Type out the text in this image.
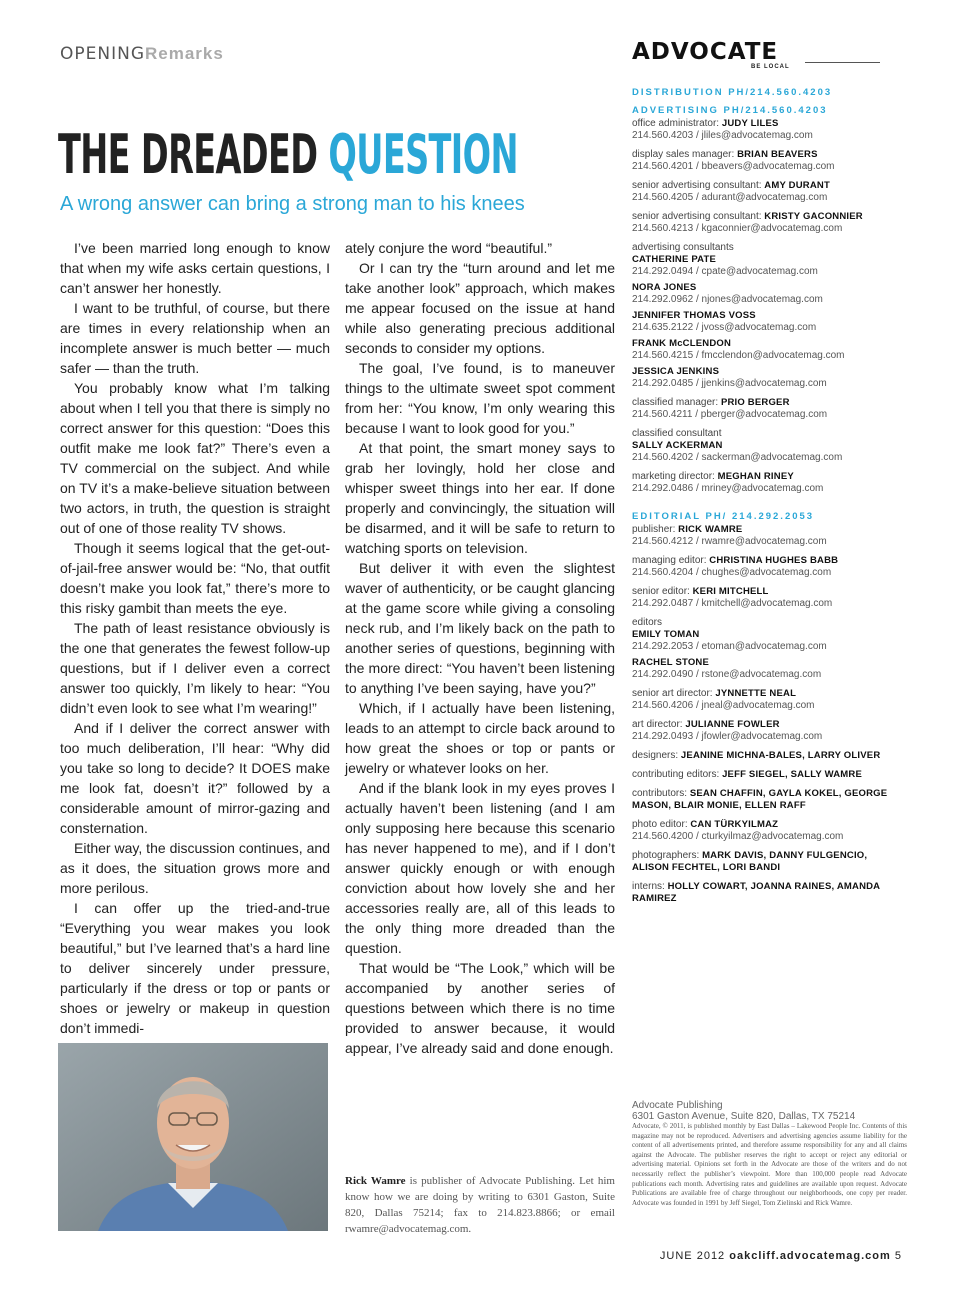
OPENINGRemarks
THE DREADED QUESTION
A wrong answer can bring a strong man to his knees

I’ve been married long enough to know that when my wife asks certain questions, I can’t answer her honestly.

I want to be truthful, of course, but there are times in every relationship when an incomplete answer is much better — much safer — than the truth.

You probably know what I’m talking about when I tell you that there is simply no correct answer for this question: “Does this outfit make me look fat?” There’s even a TV commercial on the subject. And while on TV it’s a make-believe situation between two actors, in truth, the question is straight out of one of those reality TV shows.

Though it seems logical that the get-out-of-jail-free answer would be: “No, that outfit doesn’t make you look fat,” there’s more to this risky gambit than meets the eye.

The path of least resistance obviously is the one that generates the fewest follow-up questions, but if I deliver even a correct answer too quickly, I’m likely to hear: “You didn’t even look to see what I’m wearing!”

And if I deliver the correct answer with too much deliberation, I’ll hear: “Why did you take so long to decide? It DOES make me look fat, doesn’t it?” followed by a considerable amount of mirror-gazing and consternation.

Either way, the discussion continues, and as it does, the situation grows more and more perilous.

I can offer up the tried-and-true “Everything you wear makes you look beautiful,” but I’ve learned that’s a hard line to deliver sincerely under pressure, particularly if the dress or top or pants or shoes or jewelry or makeup in question don’t immedi-

ately conjure the word “beautiful.”

Or I can try the “turn around and let me take another look” approach, which makes me appear focused on the issue at hand while also generating precious additional seconds to consider my options.

The goal, I’ve found, is to maneuver things to the ultimate sweet spot comment from her: “You know, I’m only wearing this because I want to look good for you.”

At that point, the smart money says to grab her lovingly, hold her close and whisper sweet things into her ear. If done properly and convincingly, the situation will be disarmed, and it will be safe to return to watching sports on television.

But deliver it with even the slightest waver of authenticity, or be caught glancing at the game score while giving a consoling neck rub, and I’m likely back on the path to another series of questions, beginning with the more direct: “You haven’t been listening to anything I’ve been saying, have you?”

Which, if I actually have been listening, leads to an attempt to circle back around to how great the shoes or top or pants or jewelry or whatever looks on her.

And if the blank look in my eyes proves I actually haven’t been listening (and I am only supposing here because this scenario has never happened to me), and if I don’t answer quickly enough or with enough conviction about how lovely she and her accessories really are, all of this leads to the only thing more dreaded than the question.

That would be “The Look,” which will be accompanied by another series of questions between which there is no time provided to answer because, it would appear, I’ve already said and done enough.

Rick Wamre is publisher of Advocate Publishing. Let him know how we are doing by writing to 6301 Gaston, Suite 820, Dallas 75214; fax to 214.823.8866; or email rwamre@advocatemag.com.
ADVOCATE
BE LOCAL
DISTRIBUTION PH/214.560.4203
ADVERTISING PH/214.560.4203
office administrator: JUDY LILES
214.560.4203 / jliles@advocatemag.com
display sales manager: BRIAN BEAVERS
214.560.4201 / bbeavers@advocatemag.com
senior advertising consultant: AMY DURANT
214.560.4205 / adurant@advocatemag.com
senior advertising consultant: KRISTY GACONNIER
214.560.4213 / kgaconnier@advocatemag.com
advertising consultants
CATHERINE PATE
214.292.0494 / cpate@advocatemag.com
NORA JONES
214.292.0962 / njones@advocatemag.com
JENNIFER THOMAS VOSS
214.635.2122 / jvoss@advocatemag.com
FRANK McCLENDON
214.560.4215 / fmcclendon@advocatemag.com
JESSICA JENKINS
214.292.0485 / jjenkins@advocatemag.com
classified manager: PRIO BERGER
214.560.4211 / pberger@advocatemag.com
classified consultant
SALLY ACKERMAN
214.560.4202 / sackerman@advocatemag.com
marketing director: MEGHAN RINEY
214.292.0486 / mriney@advocatemag.com
EDITORIAL PH/ 214.292.2053
publisher: RICK WAMRE
214.560.4212 / rwamre@advocatemag.com
managing editor: CHRISTINA HUGHES BABB
214.560.4204 / chughes@advocatemag.com
senior editor: KERI MITCHELL
214.292.0487 / kmitchell@advocatemag.com
editors
EMILY TOMAN
214.292.2053 / etoman@advocatemag.com
RACHEL STONE
214.292.0490 / rstone@advocatemag.com
senior art director: JYNNETTE NEAL
214.560.4206 / jneal@advocatemag.com
art director: JULIANNE FOWLER
214.292.0493 / jfowler@advocatemag.com
designers: JEANINE MICHNA-BALES, LARRY OLIVER
contributing editors: JEFF SIEGEL, SALLY WAMRE
contributors: SEAN CHAFFIN, GAYLA KOKEL, GEORGE MASON, BLAIR MONIE, ELLEN RAFF
photo editor: CAN TÜRKYILMAZ
214.560.4200 / cturkyilmaz@advocatemag.com
photographers: MARK DAVIS, DANNY FULGENCIO, ALISON FECHTEL, LORI BANDI
interns: HOLLY COWART, JOANNA RAINES, AMANDA RAMIREZ
Advocate Publishing
6301 Gaston Avenue, Suite 820, Dallas, TX 75214
Advocate, © 2011, is published monthly by East Dallas – Lakewood People Inc. Contents of this magazine may not be reproduced. Advertisers and advertising agencies assume liability for the content of all advertisements printed, and therefore assume responsibility for any and all claims against the Advocate. The publisher reserves the right to accept or reject any editorial or advertising material. Opinions set forth in the Advocate are those of the writers and do not necessarily reflect the publisher’s viewpoint. More than 100,000 people read Advocate publications each month. Advertising rates and guidelines are available upon request. Advocate Publications are available free of charge throughout our neighborhoods, one copy per reader. Advocate was founded in 1991 by Jeff Siegel, Tom Zielinski and Rick Wamre.
JUNE 2012 oakcliff.advocatemag.com 5
